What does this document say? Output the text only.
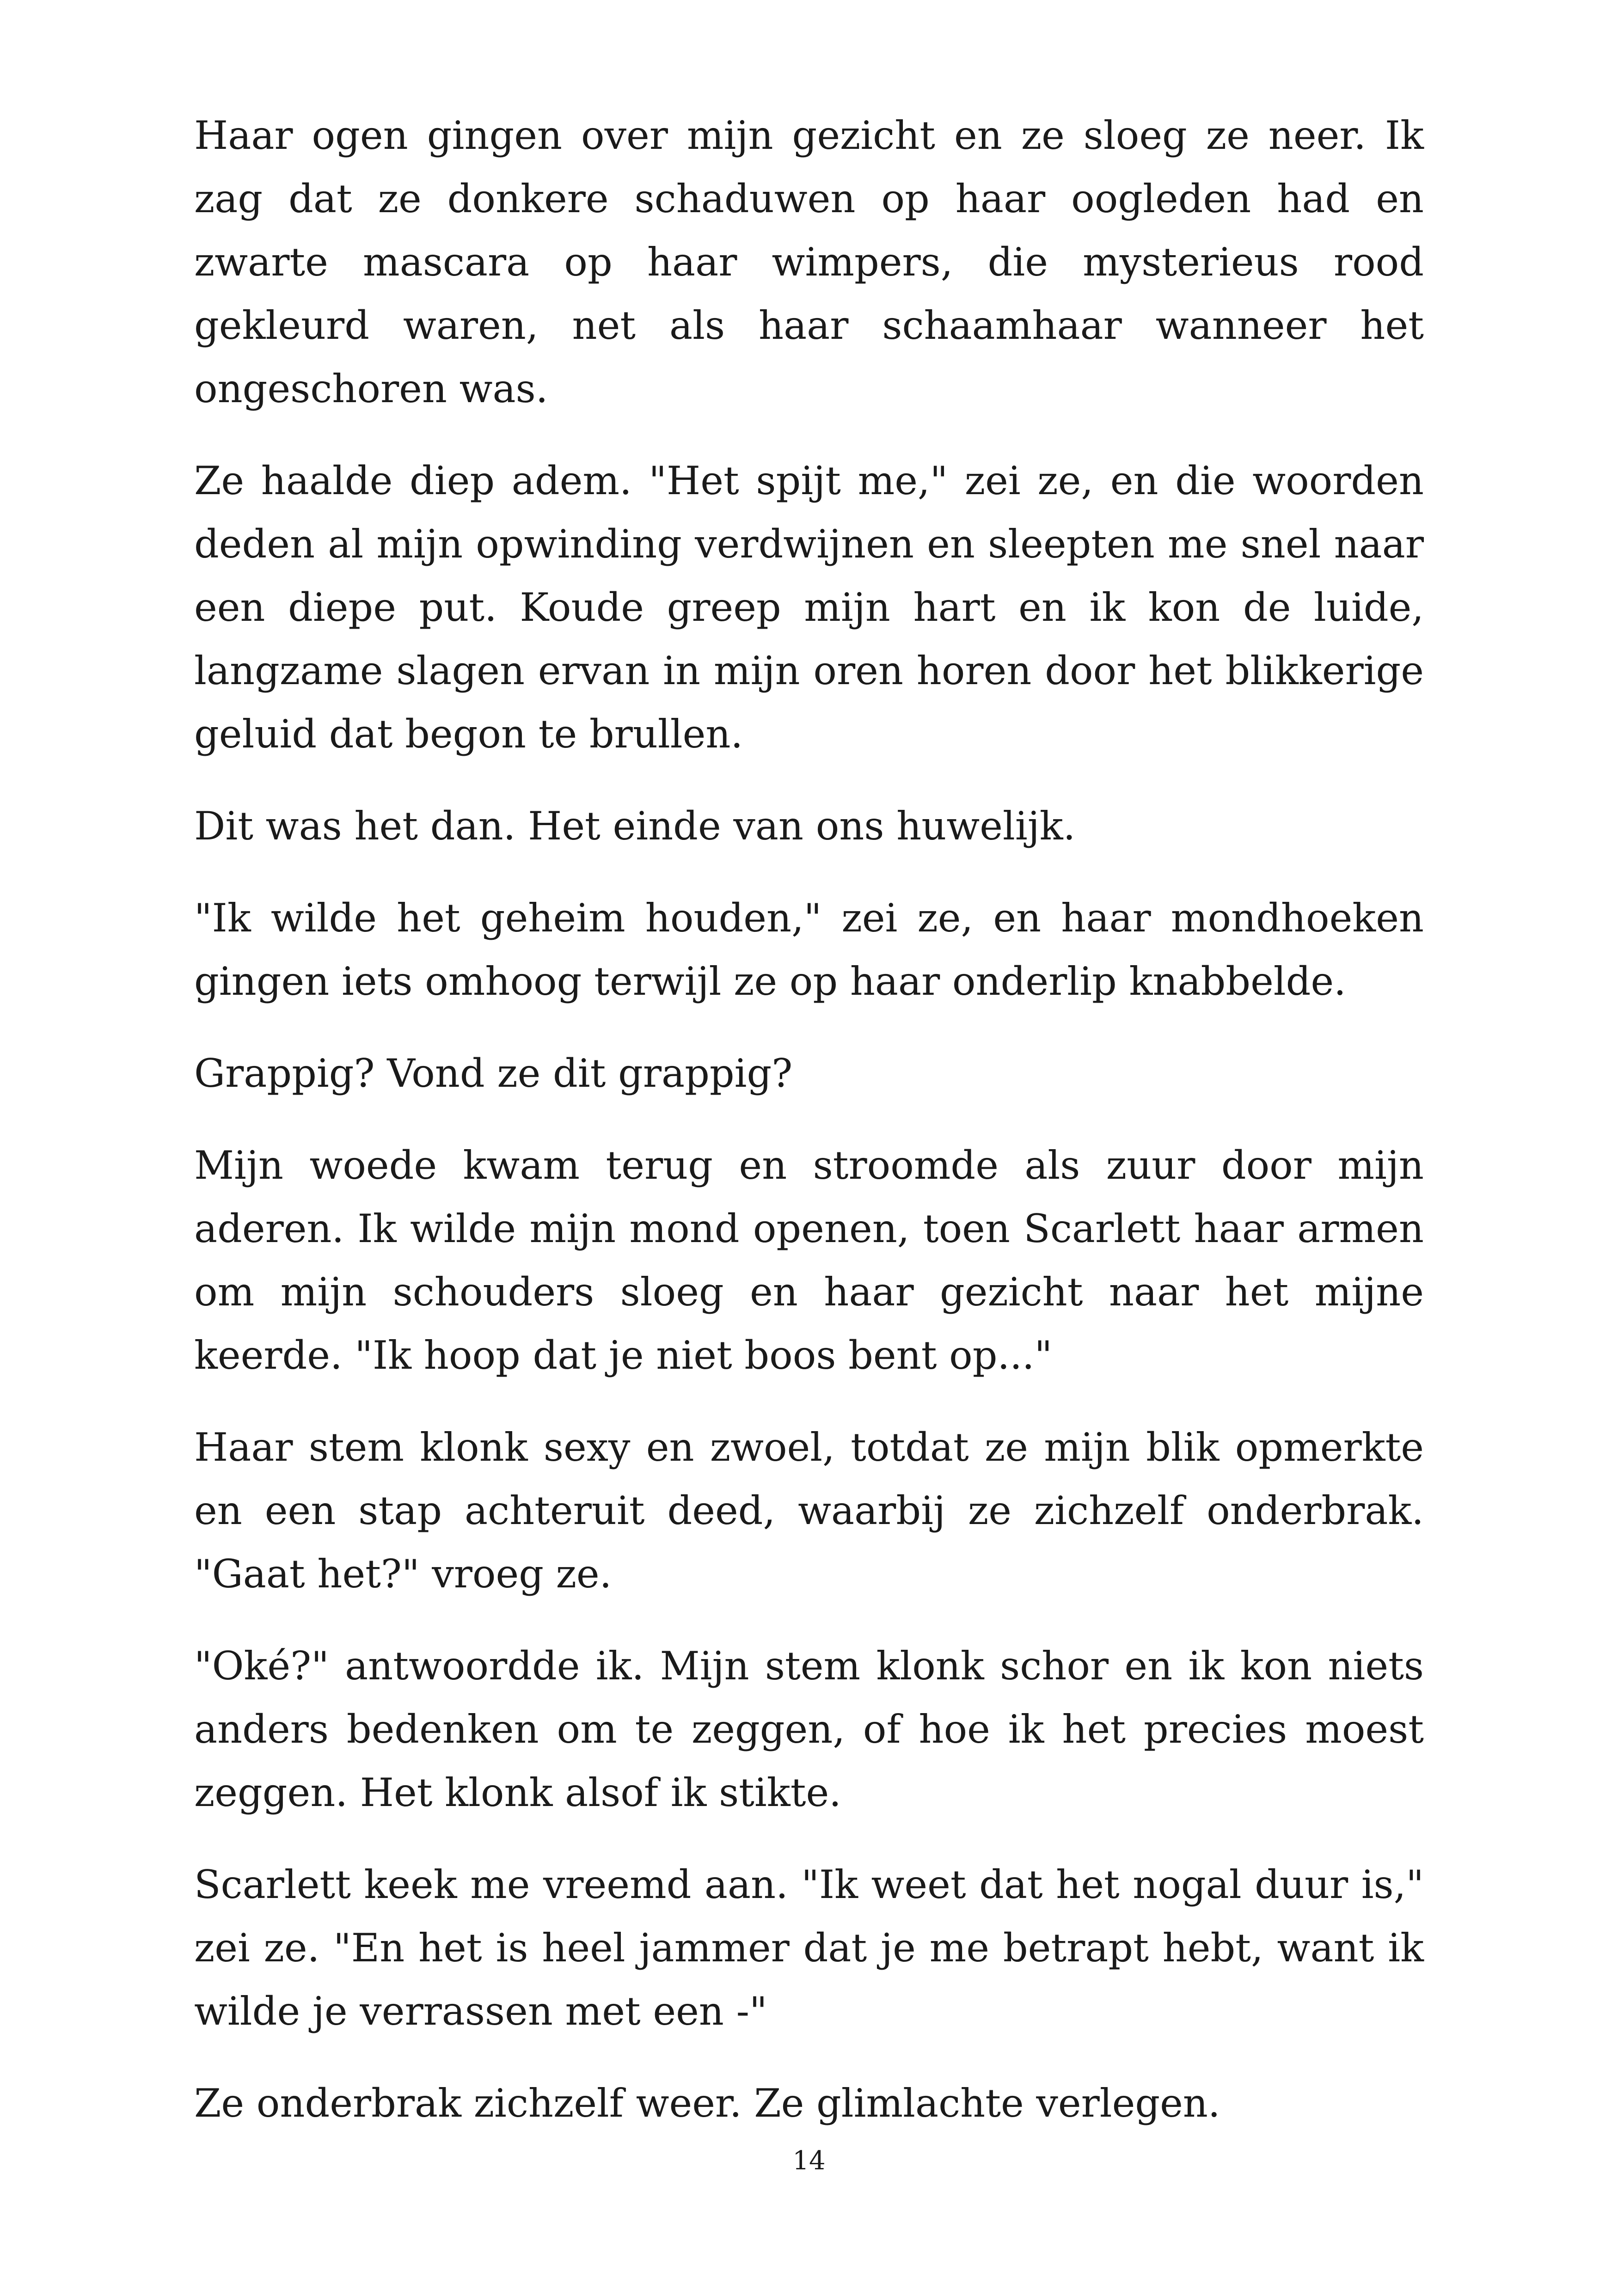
Haar ogen gingen over mijn gezicht en ze sloeg ze neer. Ik zag dat ze donkere schaduwen op haar oogleden had en zwarte mascara op haar wimpers, die mysterieus rood gekleurd waren, net als haar schaamhaar wanneer het ongeschoren was.

Ze haalde diep adem. "Het spijt me," zei ze, en die woorden deden al mijn opwinding verdwijnen en sleepten me snel naar een diepe put. Koude greep mijn hart en ik kon de luide, langzame slagen ervan in mijn oren horen door het blikkerige geluid dat begon te brullen.

Dit was het dan. Het einde van ons huwelijk.

"Ik wilde het geheim houden," zei ze, en haar mondhoeken gingen iets omhoog terwijl ze op haar onderlip knabbelde.

Grappig? Vond ze dit grappig?

Mijn woede kwam terug en stroomde als zuur door mijn aderen. Ik wilde mijn mond openen, toen Scarlett haar armen om mijn schouders sloeg en haar gezicht naar het mijne keerde. "Ik hoop dat je niet boos bent op..."

Haar stem klonk sexy en zwoel, totdat ze mijn blik opmerkte en een stap achteruit deed, waarbij ze zichzelf onderbrak. "Gaat het?" vroeg ze.

"Oké?" antwoordde ik. Mijn stem klonk schor en ik kon niets anders bedenken om te zeggen, of hoe ik het precies moest zeggen. Het klonk alsof ik stikte.

Scarlett keek me vreemd aan. "Ik weet dat het nogal duur is," zei ze. "En het is heel jammer dat je me betrapt hebt, want ik wilde je verrassen met een -"

Ze onderbrak zichzelf weer. Ze glimlachte verlegen.

14
